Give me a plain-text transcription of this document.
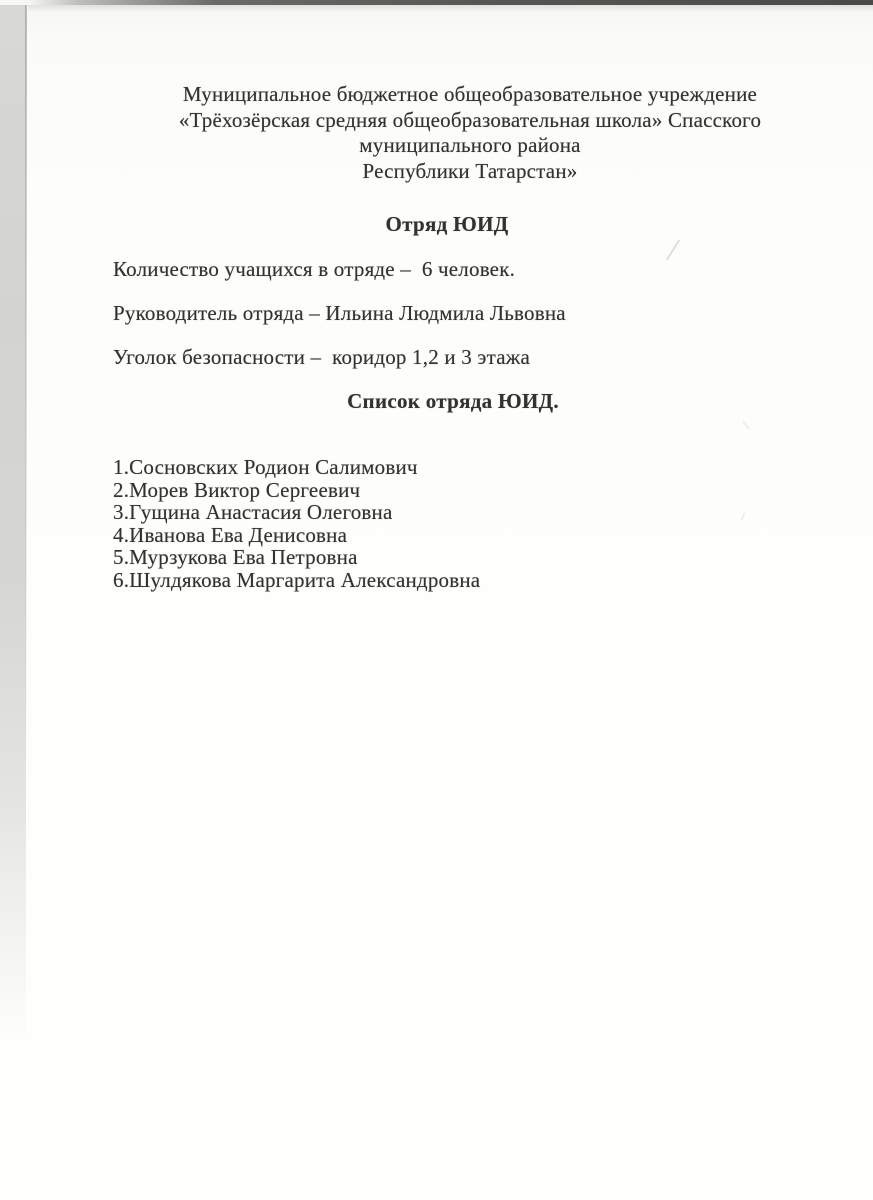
Муниципальное бюджетное общеобразовательное учреждение
«Трёхозёрская средняя общеобразовательная школа» Спасского
муниципального района
Республики Татарстан»
Отряд ЮИД

Количество учащихся в отряде –  6 человек.

Руководитель отряда – Ильина Людмила Львовна

Уголок безопасности –  коридор 1,2 и 3 этажа

Список отряда ЮИД.
1.Сосновских Родион Салимович
2.Морев Виктор Сергеевич
3.Гущина Анастасия Олеговна
4.Иванова Ева Денисовна
5.Мурзукова Ева Петровна
6.Шулдякова Маргарита Александровна
